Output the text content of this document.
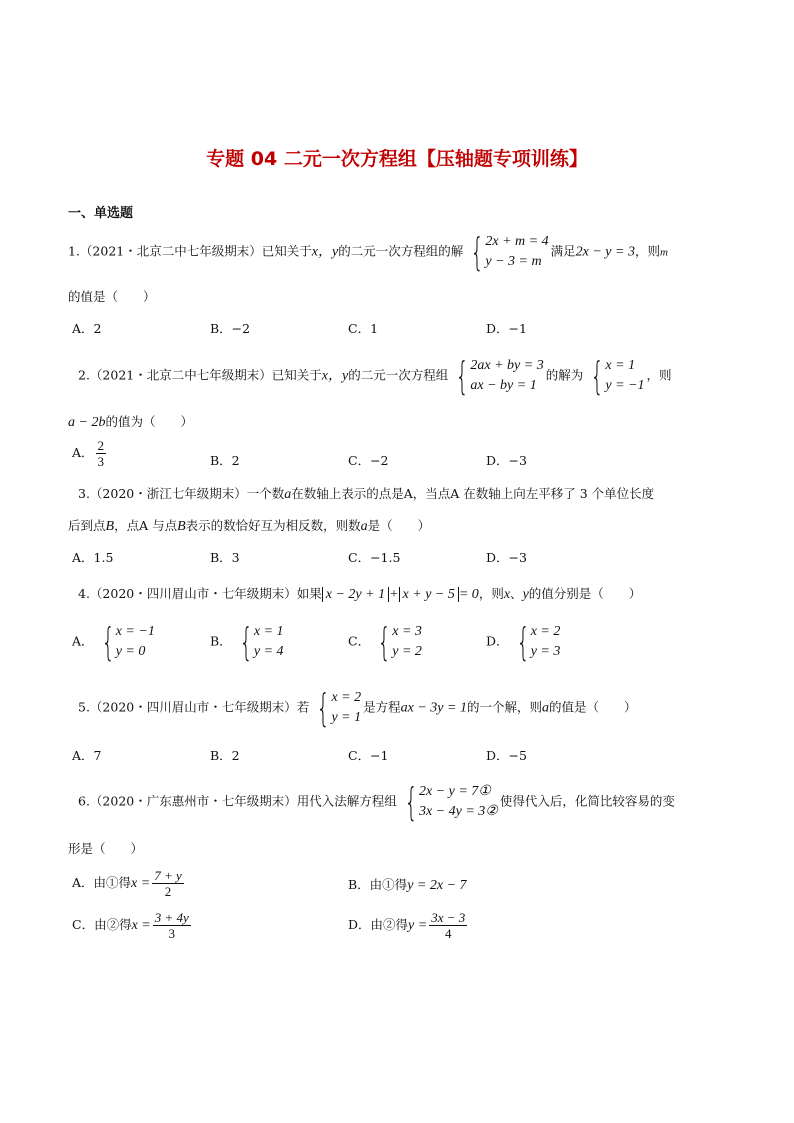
专题 04 二元一次方程组【压轴题专项训练】
一、单选题
1.（2021・北京二中七年级期末）已知关于x，y的二元一次方程组的解 { 2x + m = 4
y − 3 = m
满足2x − y = 3，则m
的值是（　　）
A．2	B．−2	C．1	D．−1
2.（2021・北京二中七年级期末）已知关于x，y的二元一次方程组 { 2ax + by = 3
ax − by = 1
的解为 { x = 1
y = −1
，则
a − 2b的值为（　　）
A． $\frac{2}{3}$	B．2	C．−2	D．−3
3.（2020・浙江七年级期末）一个数a在数轴上表示的点是A，当点A 在数轴上向左平移了 3 个单位长度
后到点B，点A 与点B表示的数恰好互为相反数，则数a是（　　）
A．1.5	B．3	C．−1.5	D．−3
4.（2020・四川眉山市・七年级期末）如果 x − 2y + 1 + x + y − 5 = 0，则x、y的值分别是（　　）
A． { x = −1
y = 0
B． { x = 1
y = 4
C． { x = 3
y = 2
D． { x = 2
y = 3
5.（2020・四川眉山市・七年级期末）若 { x = 2
y = 1
是方程ax − 3y = 1的一个解，则a的值是（　　）
A．7	B．2	C．−1	D．−5
6.（2020・广东惠州市・七年级期末）用代入法解方程组 { 2x − y = 7①
3x − 4y = 3②
使得代入后，化简比较容易的变
形是（　　）
A．由①得$x = \frac{7 + y}{2}$	B．由①得y = 2x − 7
C．由②得$x = \frac{3 + 4y}{3}$	D．由②得$y = \frac{3x - 3}{4}$
